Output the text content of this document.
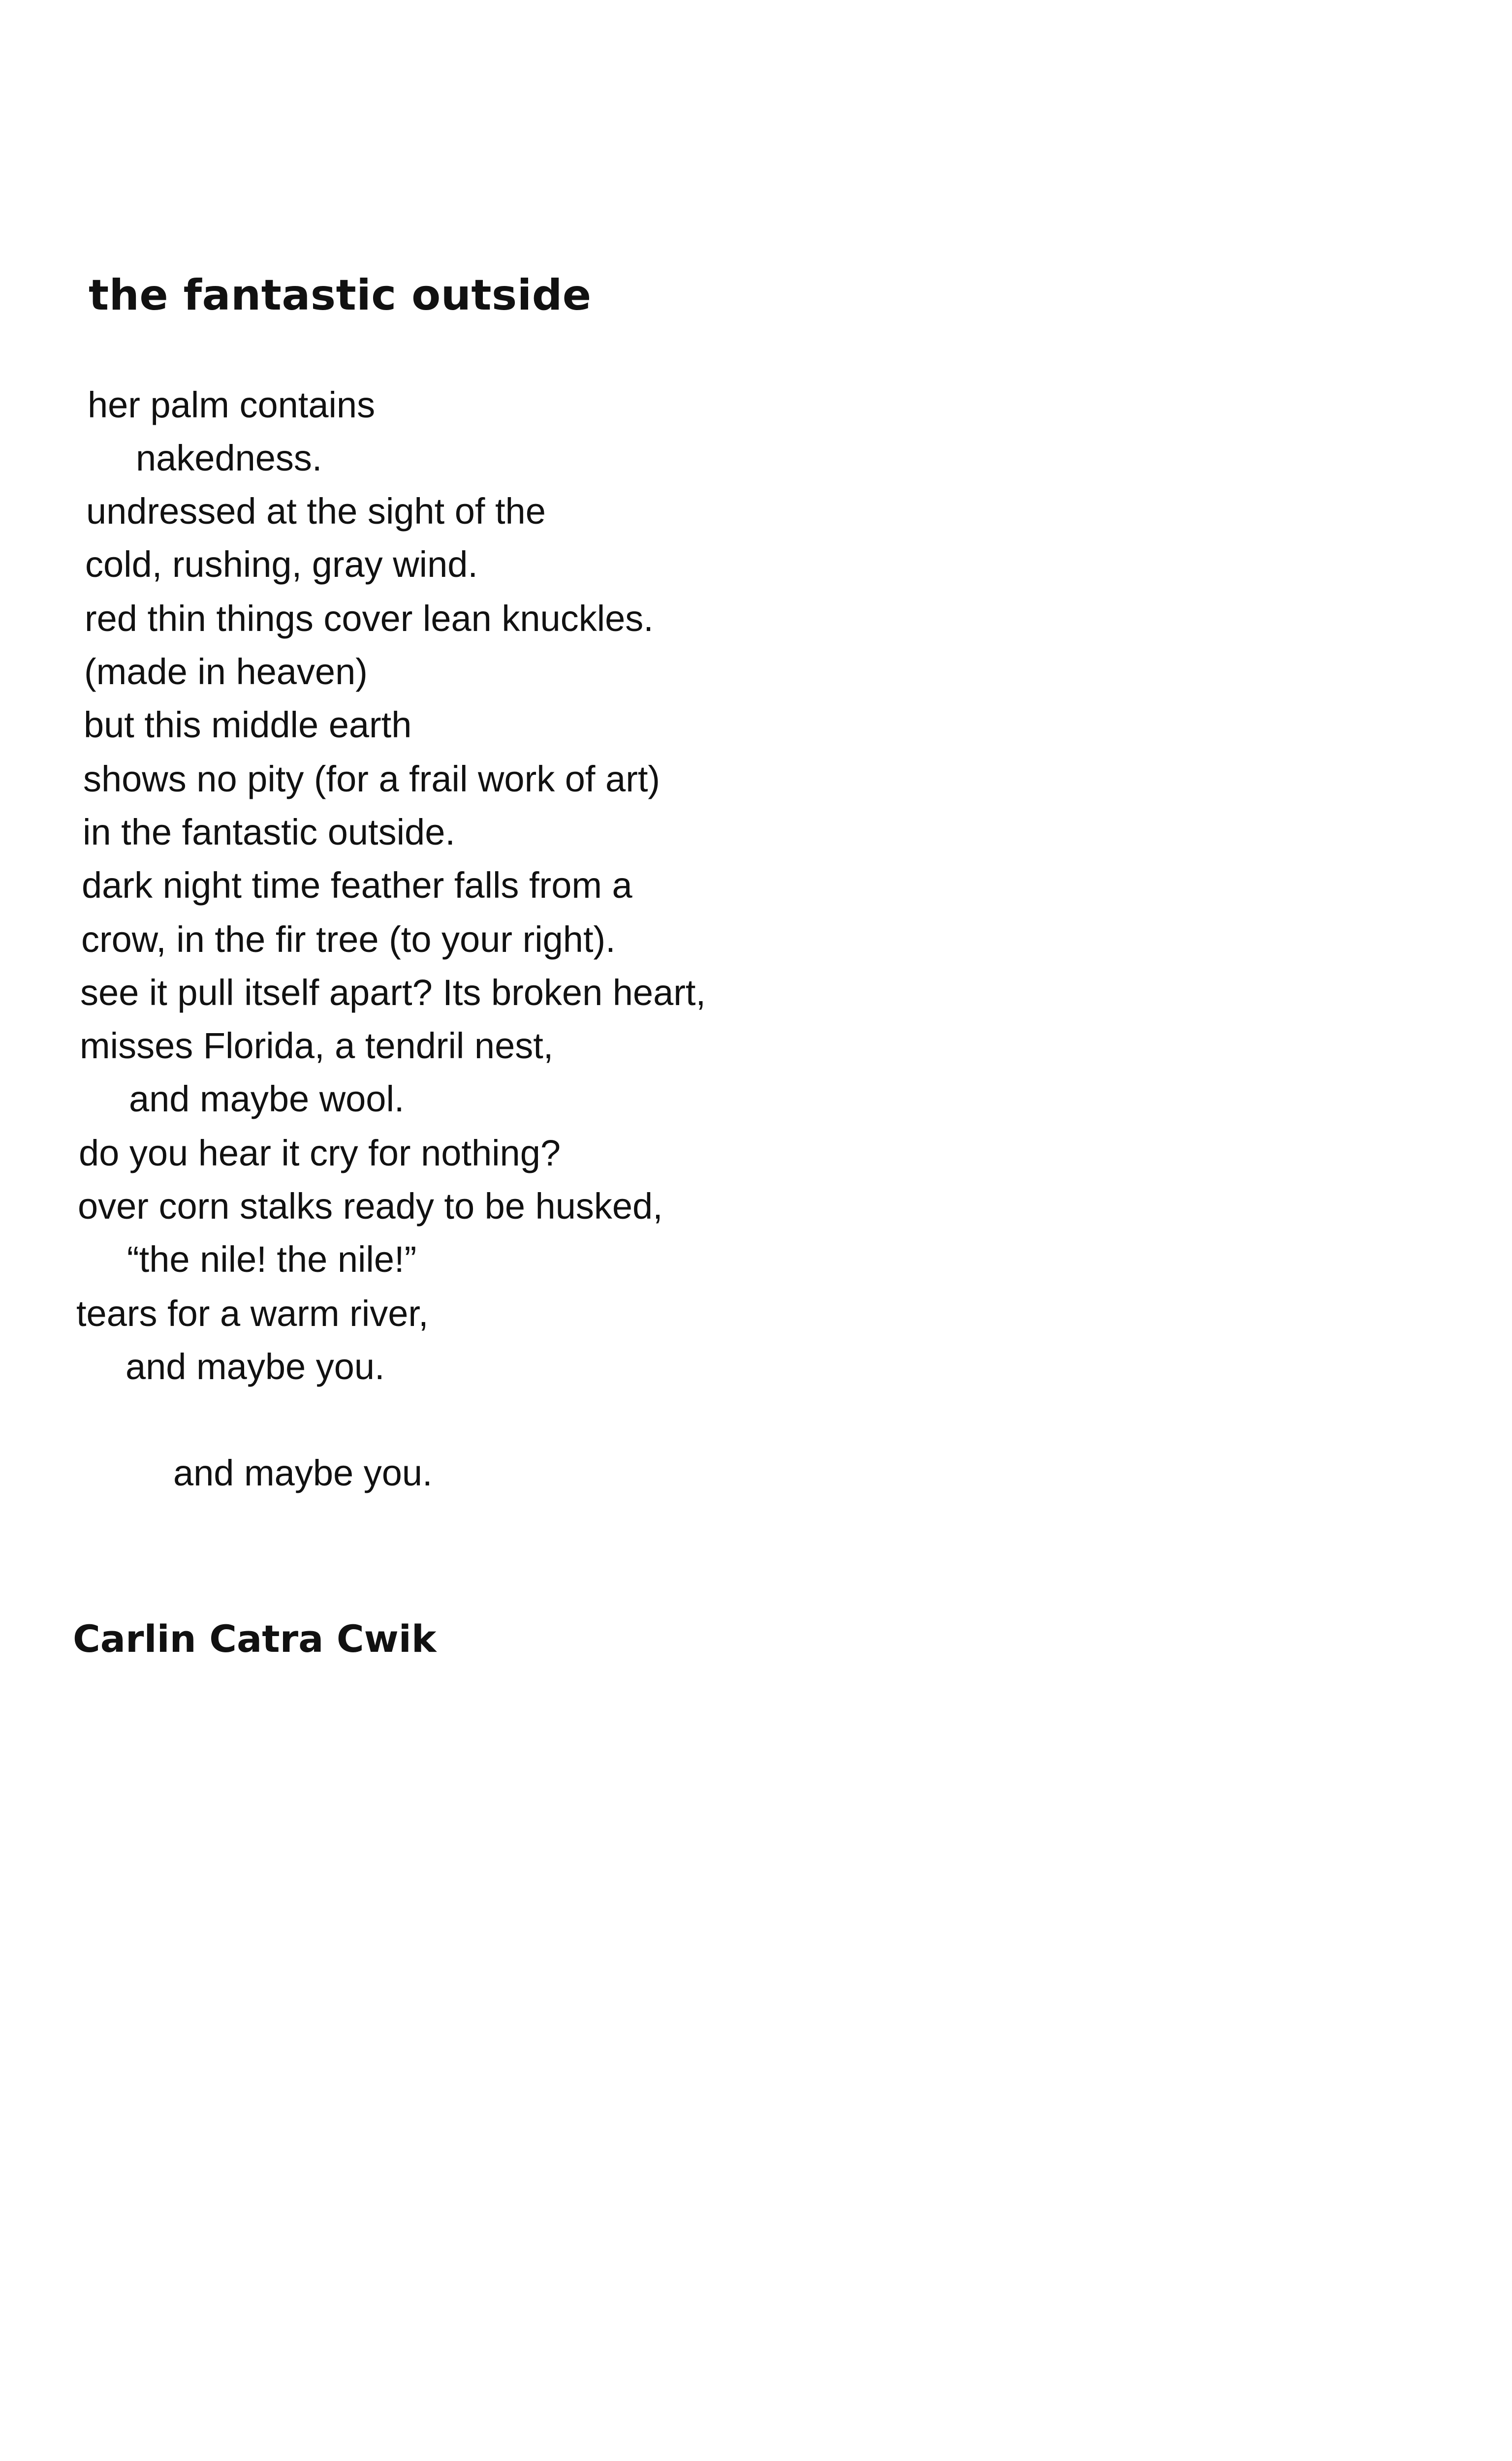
the fantastic outside

her palm contains

nakedness.

undressed at the sight of the

cold, rushing, gray wind.

red thin things cover lean knuckles.

(made in heaven)

but this middle earth

shows no pity (for a frail work of art)

in the fantastic outside.

dark night time feather falls from a

crow, in the fir tree (to your right).

see it pull itself apart? Its broken heart,

misses Florida, a tendril nest,

and maybe wool.

do you hear it cry for nothing?

over corn stalks ready to be husked,

“the nile! the nile!”

tears for a warm river,

and maybe you.

and maybe you.

Carlin Catra Cwik
